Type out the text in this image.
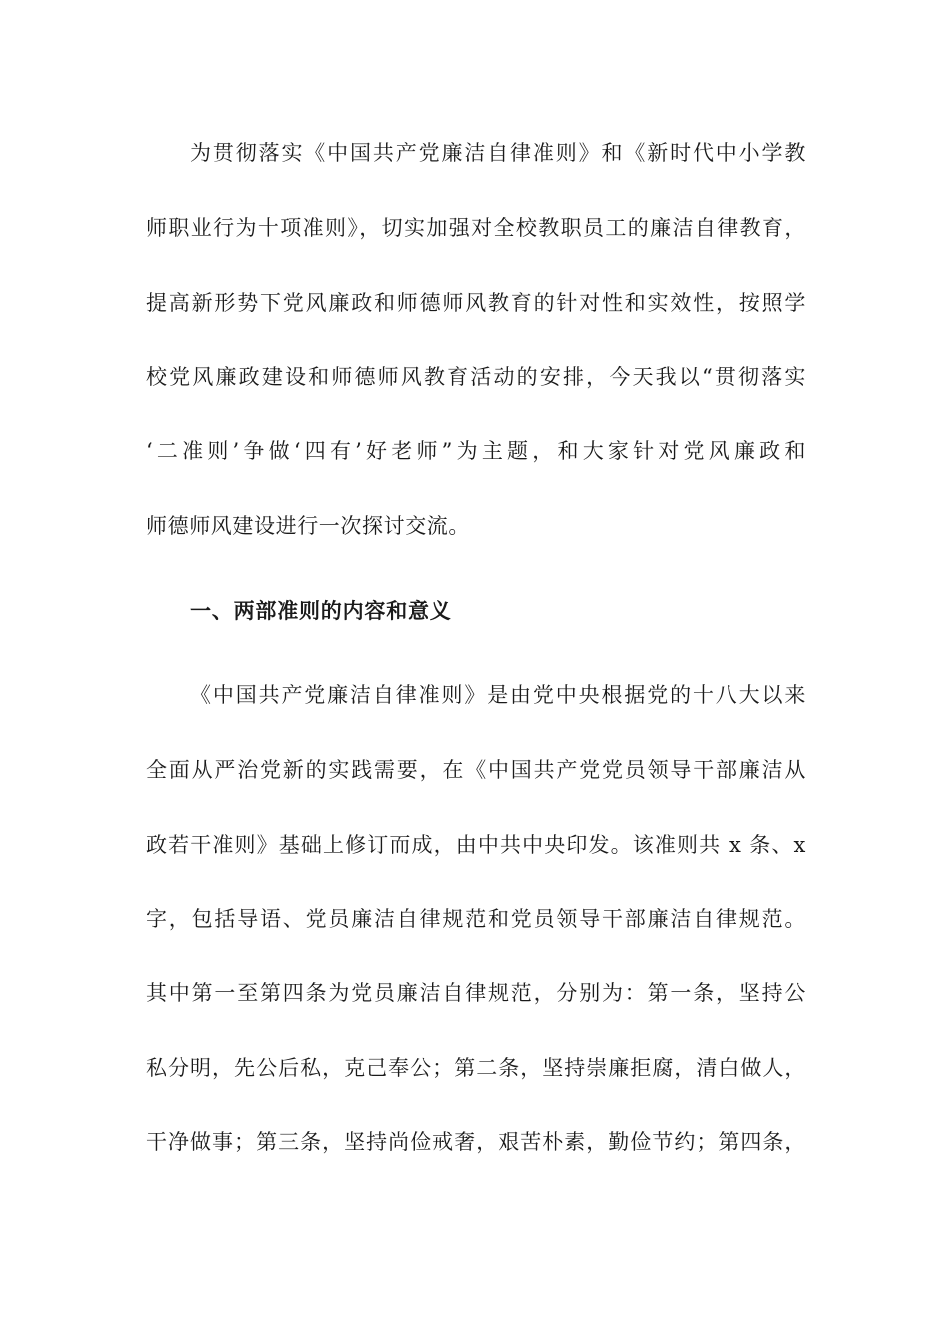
为贯彻落实《中国共产党廉洁自律准则》和《新时代中小学教
师职业行为十项准则》，切实加强对全校教职员工的廉洁自律教育，
提高新形势下党风廉政和师德师风教育的针对性和实效性，按照学
校党风廉政建设和师德师风教育活动的安排，今天我以“贯彻落实
‘二准则’争做‘四有’好老师”为主题，和大家针对党风廉政和
师德师风建设进行一次探讨交流。
一、两部准则的内容和意义
《中国共产党廉洁自律准则》是由党中央根据党的十八大以来
全面从严治党新的实践需要，在《中国共产党党员领导干部廉洁从
政若干准则》基础上修订而成，由中共中央印发。该准则共 x 条、x
字，包括导语、党员廉洁自律规范和党员领导干部廉洁自律规范。
其中第一至第四条为党员廉洁自律规范，分别为：第一条，坚持公
私分明，先公后私，克己奉公；第二条，坚持崇廉拒腐，清白做人，
干净做事；第三条，坚持尚俭戒奢，艰苦朴素，勤俭节约；第四条，
